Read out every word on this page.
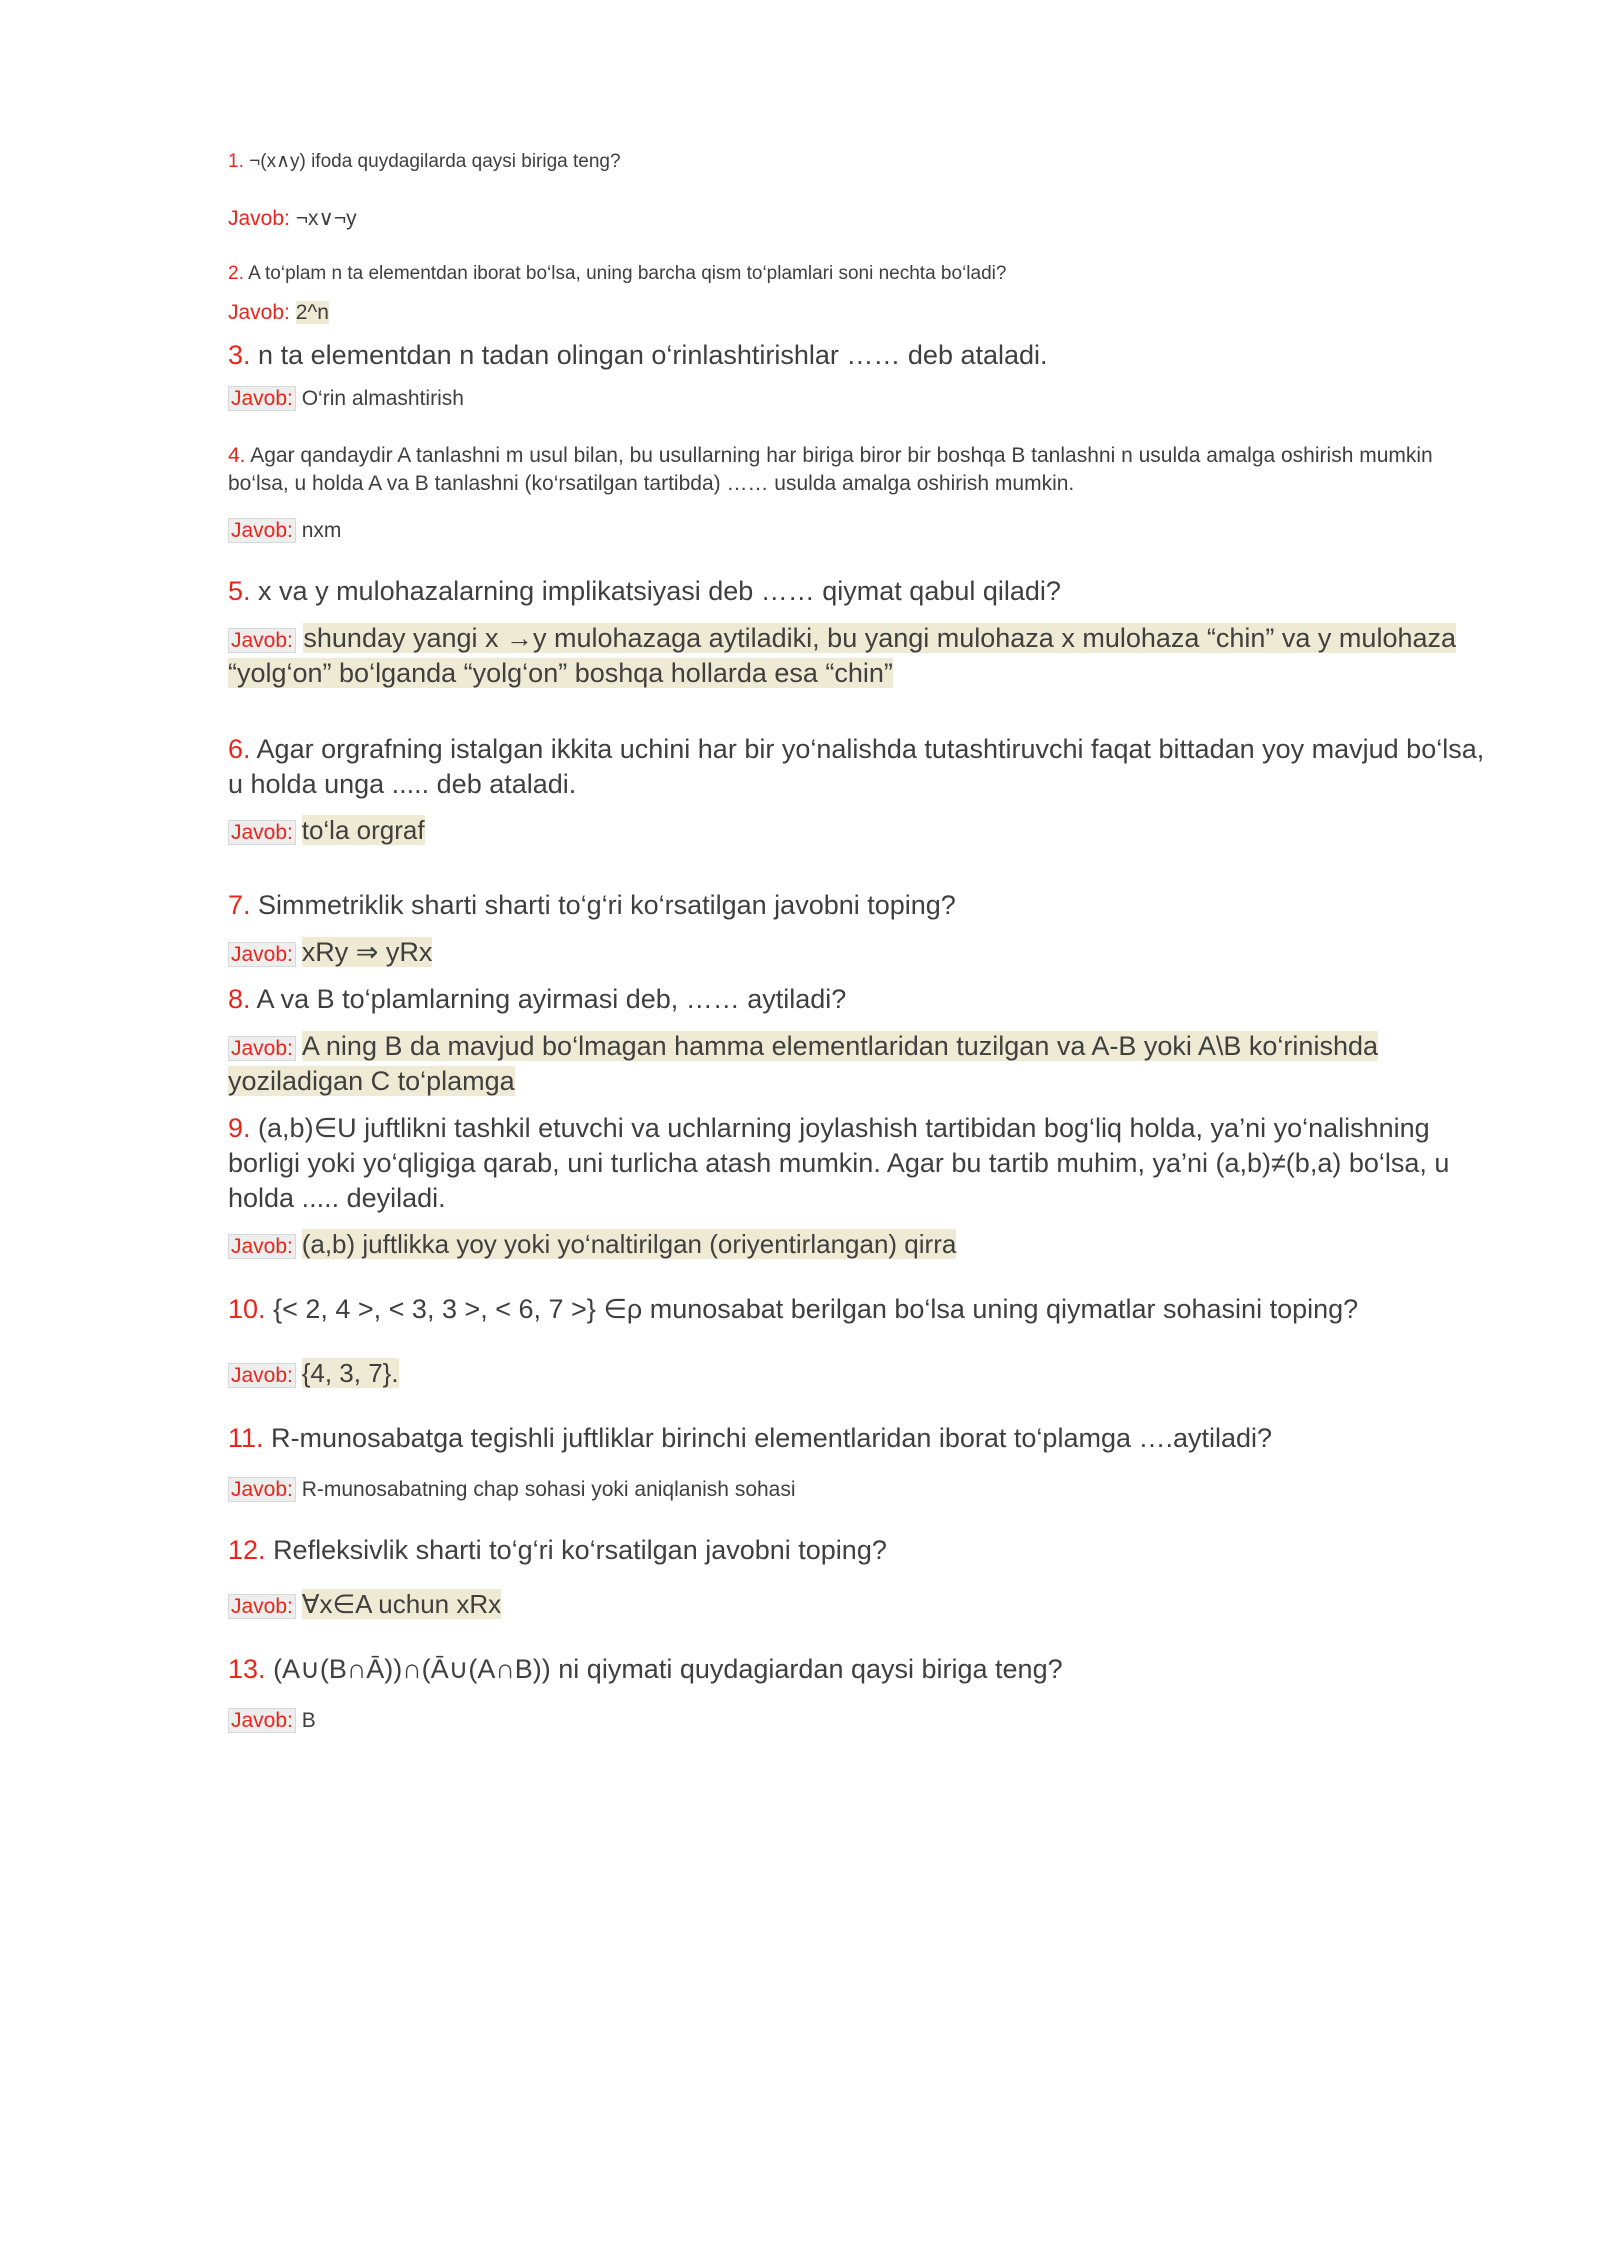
1. ¬(x∧y) ifoda quydagilarda qaysi biriga teng?

Javob: ¬x∨¬y

2. A to‘plam n ta elementdan iborat bo‘lsa, uning barcha qism to‘plamlari soni nechta bo‘ladi?

Javob: 2^n

3. n ta elementdan n tadan olingan o‘rinlashtirishlar …… deb ataladi.

Javob: O‘rin almashtirish

4. Agar qandaydir A tanlashni m usul bilan, bu usullarning har biriga biror bir boshqa B tanlashni n usulda amalga oshirish mumkin bo‘lsa, u holda A va B tanlashni (ko‘rsatilgan tartibda) …… usulda amalga oshirish mumkin.

Javob: nxm

5. x va y mulohazalarning implikatsiyasi deb …… qiymat qabul qiladi?

Javob: shunday yangi x →y mulohazaga aytiladiki, bu yangi mulohaza x mulohaza “chin” va y mulohaza “yolg‘on” bo‘lganda “yolg‘on” boshqa hollarda esa “chin”

6. Agar orgrafning istalgan ikkita uchini har bir yo‘nalishda tutashtiruvchi faqat bittadan yoy mavjud bo‘lsa, u holda unga ..... deb ataladi.

Javob: to‘la orgraf

7. Simmetriklik sharti sharti to‘g‘ri ko‘rsatilgan javobni toping?

Javob: xRy ⇒ yRx

8. A va B to‘plamlarning ayirmasi deb, …… aytiladi?

Javob: A ning B da mavjud bo‘lmagan hamma elementlaridan tuzilgan va A-B yoki A\B ko‘rinishda yoziladigan C to‘plamga

9. (a,b)∈U juftlikni tashkil etuvchi va uchlarning joylashish tartibidan bog‘liq holda, ya’ni yo‘nalishning borligi yoki yo‘qligiga qarab, uni turlicha atash mumkin. Agar bu tartib muhim, ya’ni (a,b)≠(b,a) bo‘lsa, u holda ..... deyiladi.

Javob: (a,b) juftlikka yoy yoki yo‘naltirilgan (oriyentirlangan) qirra

10. {< 2, 4 >, < 3, 3 >, < 6, 7 >} ∈ρ munosabat berilgan bo‘lsa uning qiymatlar sohasini toping?

Javob: {4, 3, 7}.

11. R-munosabatga tegishli juftliklar birinchi elementlaridan iborat to‘plamga ….aytiladi?

Javob: R-munosabatning chap sohasi yoki aniqlanish sohasi

12. Refleksivlik sharti to‘g‘ri ko‘rsatilgan javobni toping?

Javob: ∀x∈A uchun xRx

13. (A∪(B∩Ā))∩(Ā∪(A∩B)) ni qiymati quydagiardan qaysi biriga teng?

Javob: B
